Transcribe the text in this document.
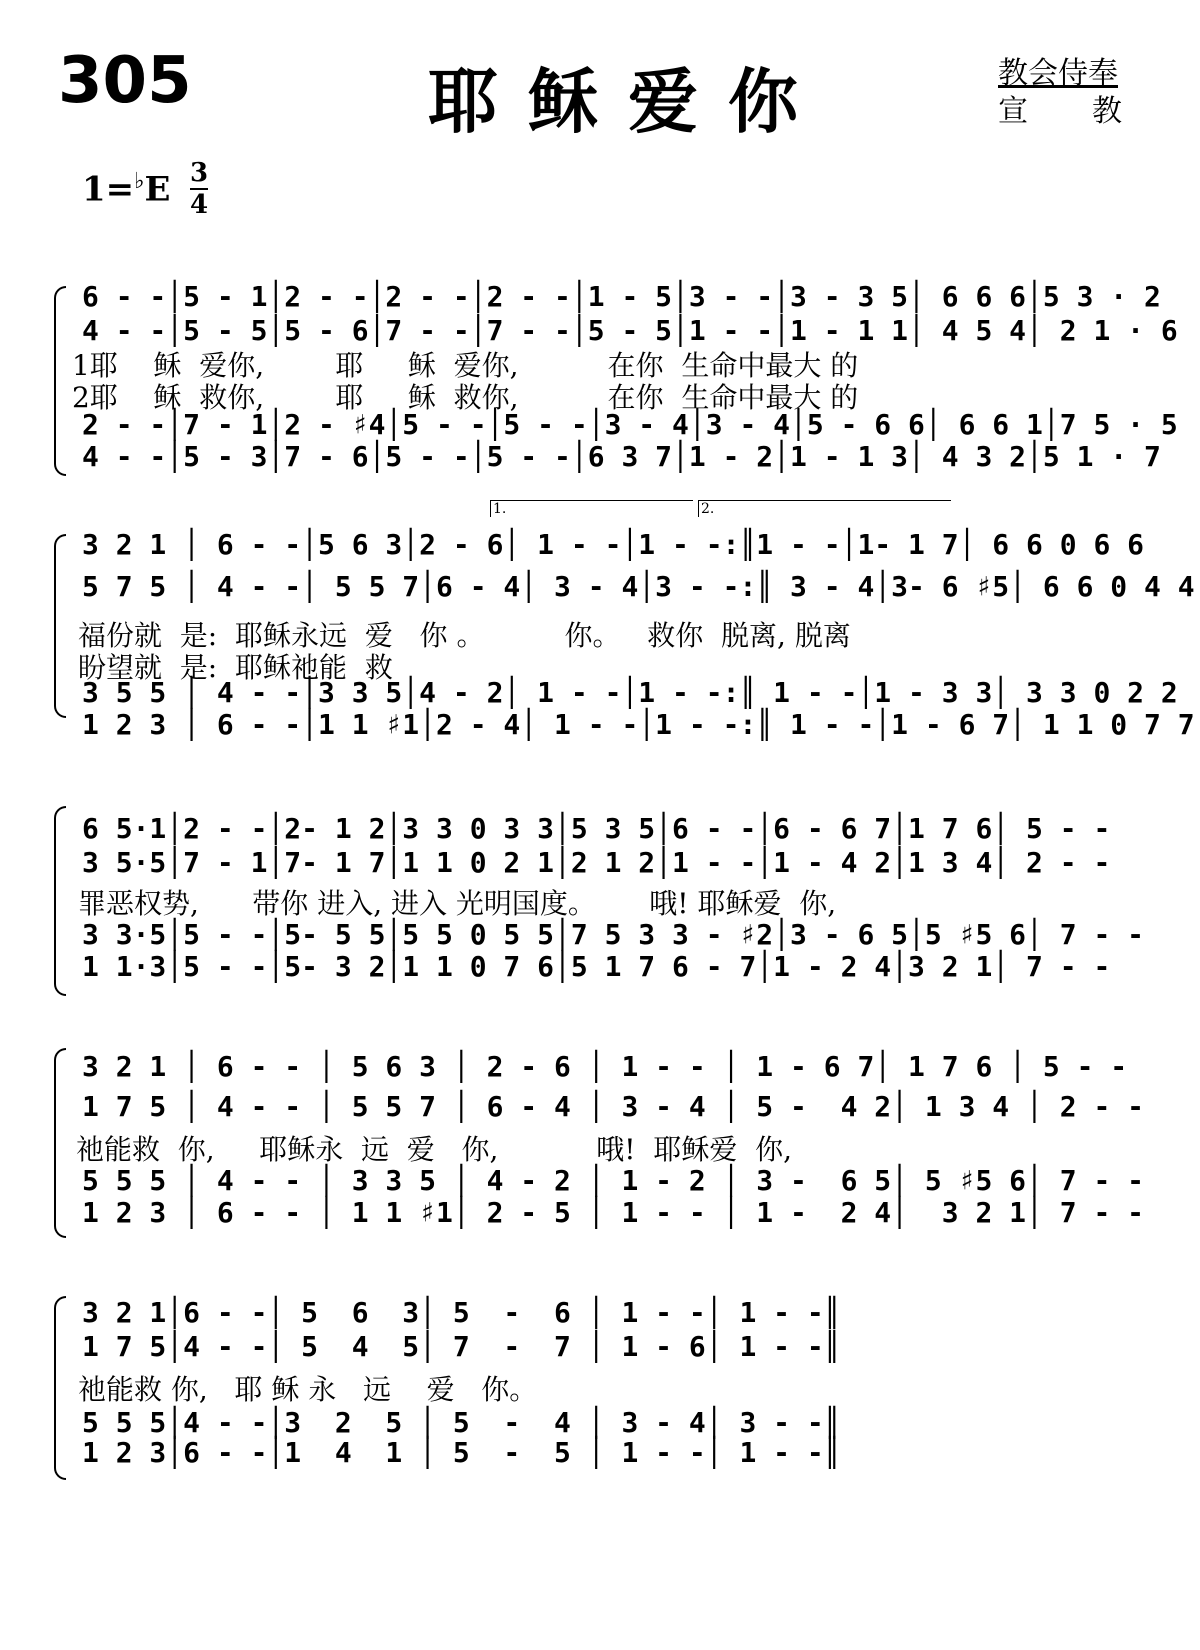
305	耶稣爱你	教会侍奉
宣 教
1=♭E 3
4
6 - -│5 - 1│2 - -│2 - -│2 - -│1 - 5│3 - -│3 - 3 5│ 6 6 6│5 3 · 2
4 - -│5 - 5│5 - 6│7 - -│7 - -│5 - 5│1 - -│1 - 1 1│ 4 5 4│ 2 1 · 6
1耶    稣  爱你,        耶     稣  爱你,          在你  生命中最大 的
2耶    稣  救你,        耶     稣  救你,          在你  生命中最大 的
2 - -│7 - 1│2 - ♯4│5 - -│5 - -│3 - 4│3 - 4│5 - 6 6│ 6 6 1│7 5 · 5
4 - -│5 - 3│7 - 6│5 - -│5 - -│6 3 7│1 - 2│1 - 1 3│ 4 3 2│5 1 · 7
1.	2.
3 2 1 │ 6 - -│5 6 3│2 - 6│ 1 - -│1 - -:║1 - -│1- 1 7│ 6 6 0 6 6
5 7 5 │ 4 - -│ 5 5 7│6 - 4│ 3 - 4│3 - -:║ 3 - 4│3- 6 ♯5│ 6 6 0 4 4
福份就  是:  耶稣永远  爱   你 。         你。   救你  脱离, 脱离
盼望就  是:  耶稣祂能  救
3 5 5 │ 4 - -│3 3 5│4 - 2│ 1 - -│1 - -:║ 1 - -│1 - 3 3│ 3 3 0 2 2
1 2 3 │ 6 - -│1 1 ♯1│2 - 4│ 1 - -│1 - -:║ 1 - -│1 - 6 7│ 1 1 0 7 7
6 5·1│2 - -│2- 1 2│3 3 0 3 3│5 3 5│6 - -│6 - 6 7│1 7 6│ 5 - -
3 5·5│7 - 1│7- 1 7│1 1 0 2 1│2 1 2│1 - -│1 - 4 2│1 3 4│ 2 - -
罪恶权势,      带你 进入, 进入 光明国度。      哦! 耶稣爱  你,
3 3·5│5 - -│5- 5 5│5 5 0 5 5│7 5 3 3 - ♯2│3 - 6 5│5 ♯5 6│ 7 - -
1 1·3│5 - -│5- 3 2│1 1 0 7 6│5 1 7 6 - 7│1 - 2 4│3 2 1│ 7 - -
3 2 1 │ 6 - - │ 5 6 3 │ 2 - 6 │ 1 - - │ 1 - 6 7│ 1 7 6 │ 5 - -
1 7 5 │ 4 - - │ 5 5 7 │ 6 - 4 │ 3 - 4 │ 5 -  4 2│ 1 3 4 │ 2 - -
祂能救  你,     耶稣永  远  爱   你,           哦!  耶稣爱  你,
5 5 5 │ 4 - - │ 3 3 5 │ 4 - 2 │ 1 - 2 │ 3 -  6 5│ 5 ♯5 6│ 7 - -
1 2 3 │ 6 - - │ 1 1 ♯1│ 2 - 5 │ 1 - - │ 1 -  2 4│  3 2 1│ 7 - -
3 2 1│6 - -│ 5  6  3│ 5  -  6 │ 1 - -│ 1 - -║
1 7 5│4 - -│ 5  4  5│ 7  -  7 │ 1 - 6│ 1 - -║
祂能救 你,   耶 稣 永   远    爱   你。
5 5 5│4 - -│3  2  5 │ 5  -  4 │ 3 - 4│ 3 - -║
1 2 3│6 - -│1  4  1 │ 5  -  5 │ 1 - -│ 1 - -║
